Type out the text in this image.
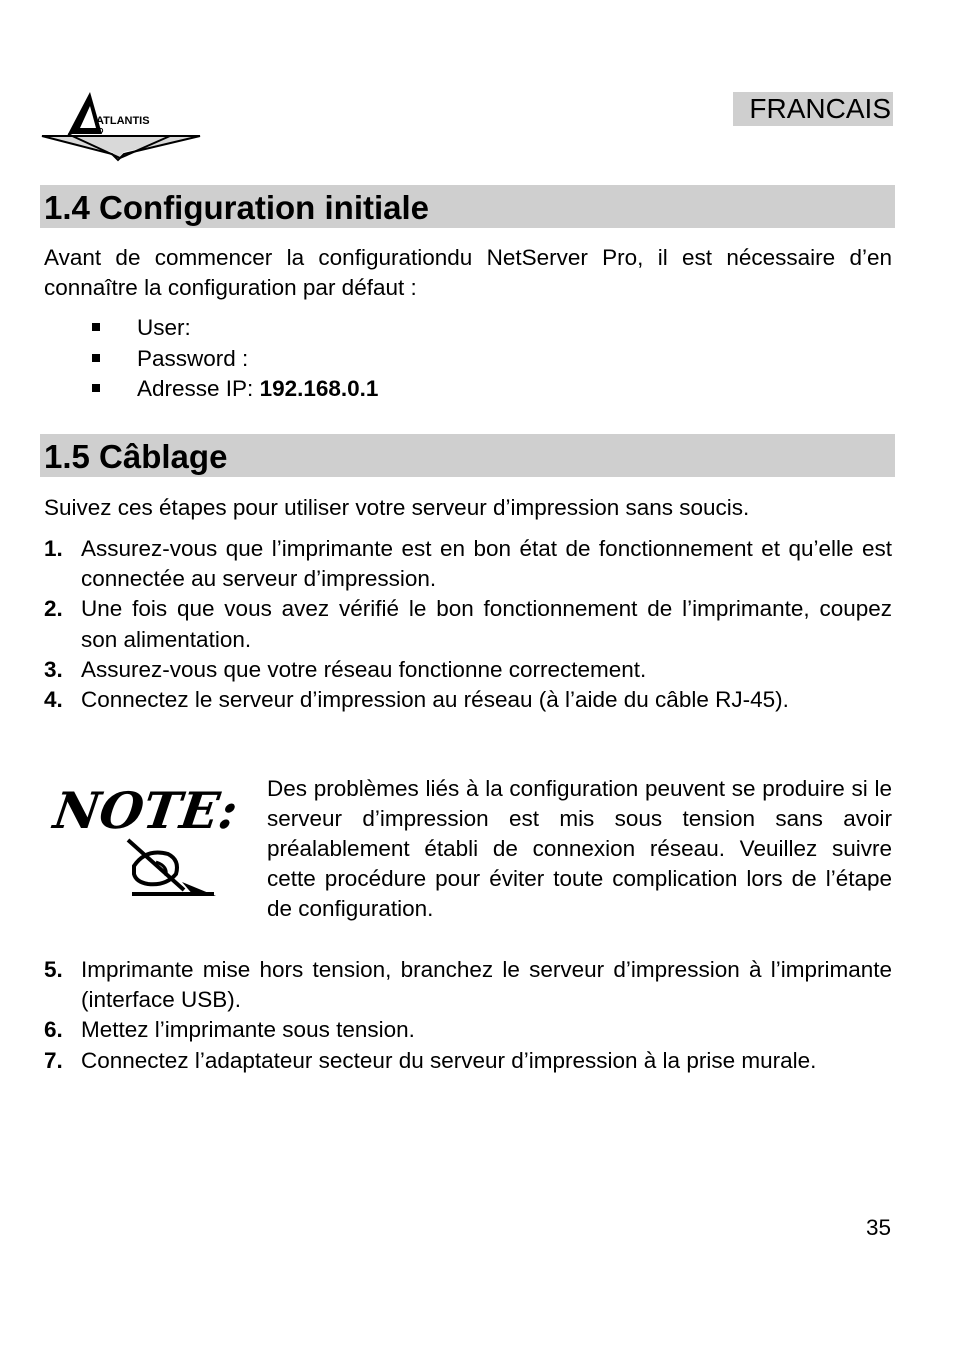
ATLANTIS
LAND
FRANCAIS
1.4 Configuration initiale
Avant de commencer la configurationdu NetServer Pro, il est nécessaire d’en connaître la configuration par défaut :
User:
Password :
Adresse IP: 192.168.0.1
1.5 Câblage
Suivez ces étapes pour utiliser votre serveur d’impression sans soucis.
1. Assurez-vous que l’imprimante est en bon état de fonctionnement et qu’elle est connectée au serveur d’impression.
2. Une fois que vous avez vérifié le bon fonctionnement de l’imprimante, coupez son alimentation.
3. Assurez-vous que votre réseau fonctionne correctement.
4. Connectez le serveur d’impression au réseau (à l’aide du câble RJ-45).
NOTE: Des problèmes liés à la configuration peuvent se produire si le serveur d’impression est mis sous tension sans avoir préalablement établi de connexion réseau. Veuillez suivre cette procédure pour éviter toute complication lors de l’étape de configuration.
5. Imprimante mise hors tension, branchez le serveur d’impression à l’imprimante (interface USB).
6. Mettez l’imprimante sous tension.
7. Connectez l’adaptateur secteur du serveur d’impression à la prise murale.
35
